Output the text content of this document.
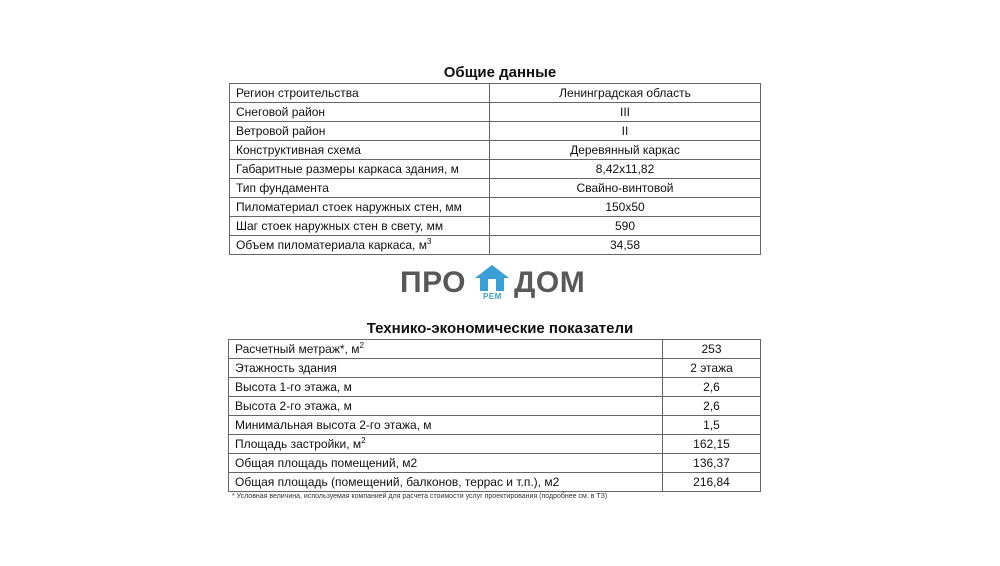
Общие данные
Регион строительства	Ленинградская область
Снеговой район	III
Ветровой район	II
Конструктивная схема	Деревянный каркас
Габаритные размеры каркаса здания, м	8,42х11,82
Тип фундамента	Свайно-винтовой
Пиломатериал стоек наружных стен, мм	150х50
Шаг стоек наружных стен в свету, мм	590
Объем пиломатериала каркаса, $м^3$	34,58
ПРО РЕМ ДОМ
Технико-экономические показатели
Расчетный метраж*, $м^2$	253
Этажность здания	2 этажа
Высота 1-го этажа, м	2,6
Высота 2-го этажа, м	2,6
Минимальная высота 2-го этажа, м	1,5
Площадь застройки, $м^2$	162,15
Общая площадь помещений, м2	136,37
Общая площадь (помещений, балконов, террас и т.п.), м2	216,84
* Условная величина, используемая компанией для расчета стоимости услуг проектирования (подробнее см. в ТЗ)
